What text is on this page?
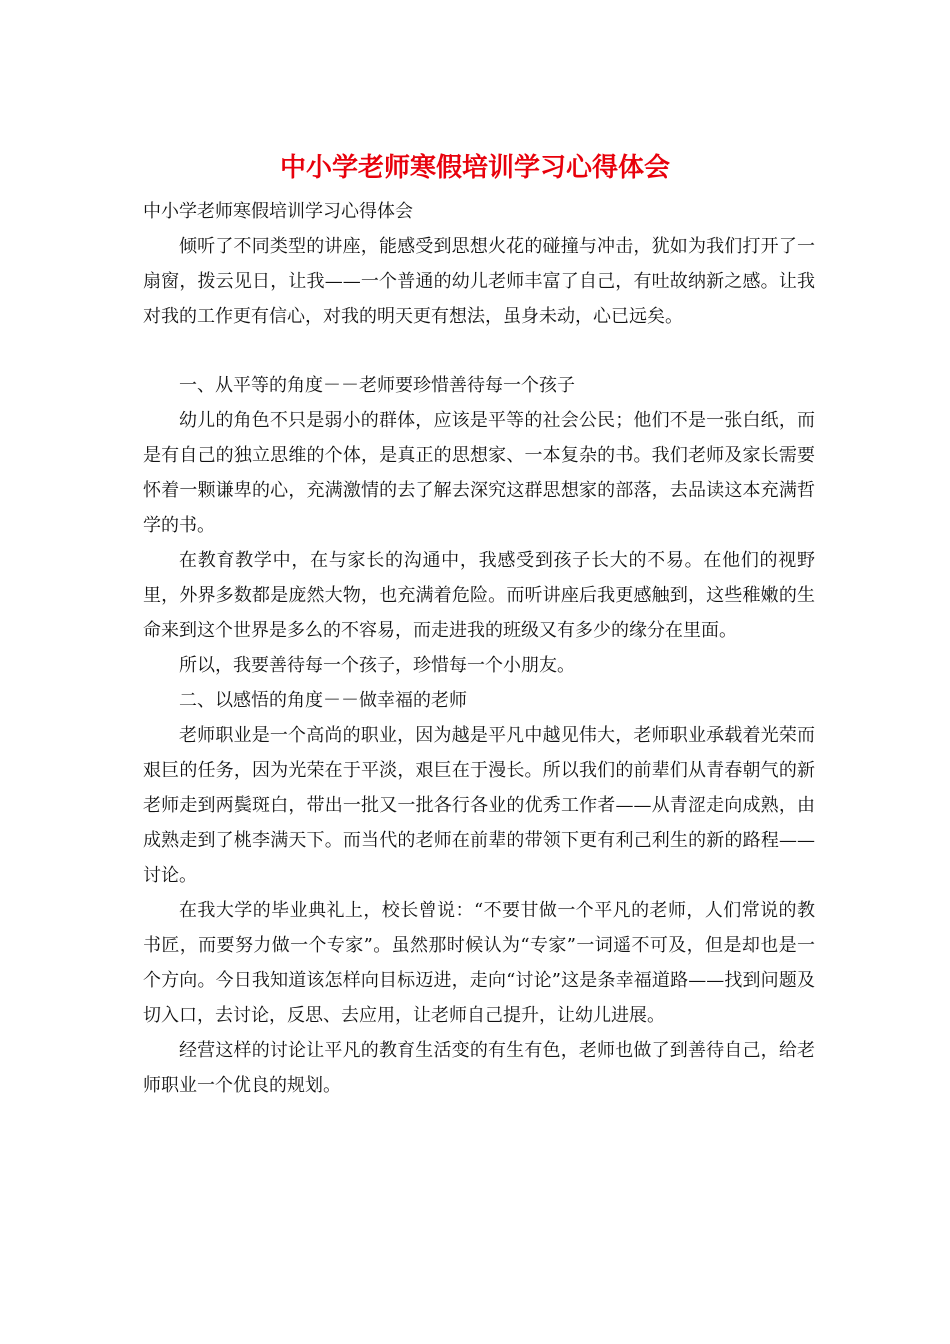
中小学老师寒假培训学习心得体会

中小学老师寒假培训学习心得体会

倾听了不同类型的讲座，能感受到思想火花的碰撞与冲击，犹如为我们打开了一扇窗，拨云见日，让我——一个普通的幼儿老师丰富了自己，有吐故纳新之感。让我对我的工作更有信心，对我的明天更有想法，虽身未动，心已远矣。

一、从平等的角度－－老师要珍惜善待每一个孩子

幼儿的角色不只是弱小的群体，应该是平等的社会公民；他们不是一张白纸，而是有自己的独立思维的个体，是真正的思想家、一本复杂的书。我们老师及家长需要怀着一颗谦卑的心，充满激情的去了解去深究这群思想家的部落，去品读这本充满哲学的书。

在教育教学中，在与家长的沟通中，我感受到孩子长大的不易。在他们的视野里，外界多数都是庞然大物，也充满着危险。而听讲座后我更感触到，这些稚嫩的生命来到这个世界是多么的不容易，而走进我的班级又有多少的缘分在里面。

所以，我要善待每一个孩子，珍惜每一个小朋友。

二、以感悟的角度－－做幸福的老师

老师职业是一个高尚的职业，因为越是平凡中越见伟大，老师职业承载着光荣而艰巨的任务，因为光荣在于平淡，艰巨在于漫长。所以我们的前辈们从青春朝气的新老师走到两鬓斑白，带出一批又一批各行各业的优秀工作者——从青涩走向成熟，由成熟走到了桃李满天下。而当代的老师在前辈的带领下更有利己利生的新的路程——讨论。

在我大学的毕业典礼上，校长曾说：“不要甘做一个平凡的老师，人们常说的教书匠，而要努力做一个专家”。虽然那时候认为“专家”一词遥不可及，但是却也是一个方向。今日我知道该怎样向目标迈进，走向“讨论”这是条幸福道路——找到问题及切入口，去讨论，反思、去应用，让老师自己提升，让幼儿进展。

经营这样的讨论让平凡的教育生活变的有生有色，老师也做了到善待自己，给老师职业一个优良的规划。
